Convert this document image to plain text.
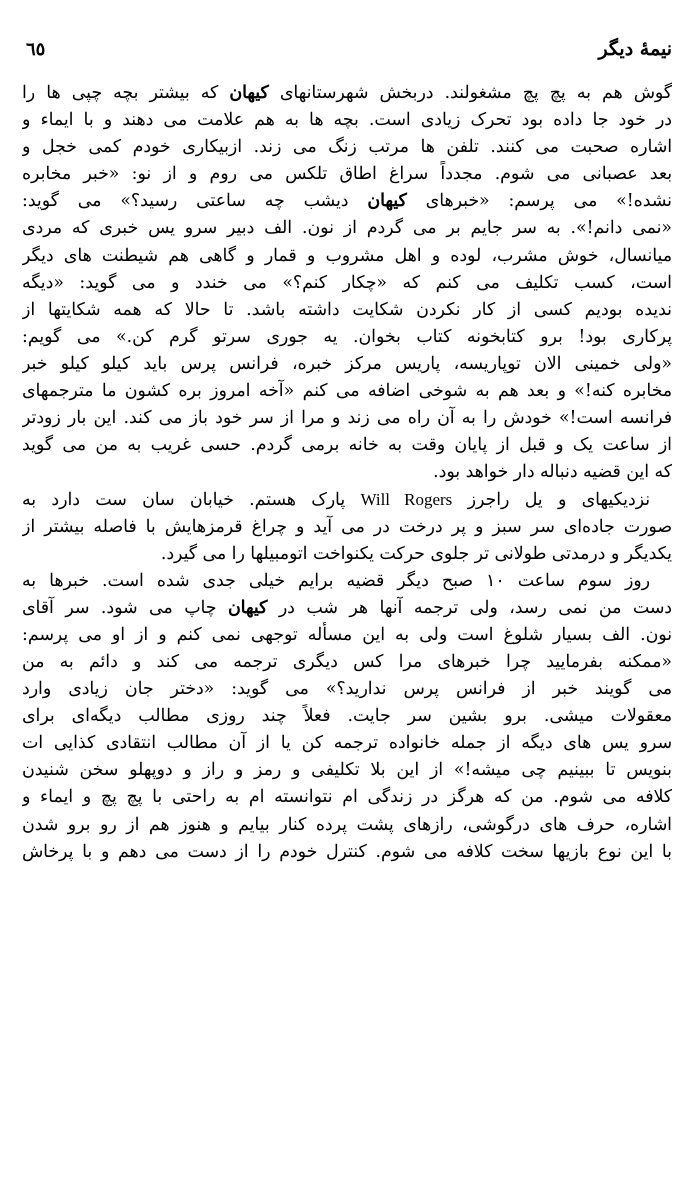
نیمهٔ دیگر
٦٥
گوش هم به پچ پچ مشغولند. دربخش شهرستانهای کیهان که بیشتر بچه چپی ها را
در خود جا داده بود تحرک زیادی است. بچه ها به هم علامت می دهند و با ایماء و
اشاره صحبت می کنند. تلفن ها مرتب زنگ می زند. ازبیکاری خودم کمی خجل و
بعد عصبانی می شوم. مجدداً سراغ اطاق تلکس می روم و از نو: «خبر مخابره
نشده!» می پرسم: «خبرهای کیهان دیشب چه ساعتی رسید؟» می گوید:
«نمی دانم!». به سر جایم بر می گردم از نون. الف دبیر سرو یس خبری که مردی
میانسال، خوش مشرب، لوده و اهل مشروب و قمار و گاهی هم شیطنت های دیگر
است، کسب تکلیف می کنم که «چکار کنم؟» می خندد و می گوید: «دیگه
ندیده بودیم کسی از کار نکردن شکایت داشته باشد. تا حالا که همه شکایتها از
پرکاری بود! برو کتابخونه کتاب بخوان. یه جوری سرتو گرم کن.» می گویم:
«ولی خمینی الان توپاریسه، پاریس مرکز خبره، فرانس پرس باید کیلو کیلو خبر
مخابره کنه!» و بعد هم به شوخی اضافه می کنم «آخه امروز بره کشون ما مترجمهای
فرانسه است!» خودش را به آن راه می زند و مرا از سر خود باز می کند. این بار زودتر
از ساعت یک و قبل از پایان وقت به خانه برمی گردم. حسی غریب به من می گوید
که این قضیه دنباله دار خواهد بود.
نزدیکیهای و یل راجرز Will Rogers پارک هستم. خیابان سان ست دارد به
صورت جاده‌ای سر سبز و پر درخت در می آید و چراغ قرمزهایش با فاصله بیشتر از
یکدیگر و درمدتی طولانی تر جلوی حرکت یکنواخت اتومبیلها را می گیرد.
روز سوم ساعت ۱۰ صبح دیگر قضیه برایم خیلی جدی شده است. خبرها به
دست من نمی رسد، ولی ترجمه آنها هر شب در کیهان چاپ می شود. سر آقای
نون. الف بسیار شلوغ است ولی به این مسأله توجهی نمی کنم و از او می پرسم:
«ممکنه بفرمایید چرا خبرهای مرا کس دیگری ترجمه می کند و دائم به من
می گویند خبر از فرانس پرس ندارید؟» می گوید: «دختر جان زیادی وارد
معقولات میشی. برو بشین سر جایت. فعلاً چند روزی مطالب دیگه‌ای برای
سرو یس های دیگه از جمله خانواده ترجمه کن یا از آن مطالب انتقادی کذایی ات
بنویس تا ببینیم چی میشه!» از این بلا تکلیفی و رمز و راز و دوپهلو سخن شنیدن
کلافه می شوم. من که هرگز در زندگی ام نتوانسته ام به راحتی با پچ پچ و ایماء و
اشاره، حرف های درگوشی، رازهای پشت پرده کنار بیایم و هنوز هم از رو برو شدن
با این نوع بازیها سخت کلافه می شوم. کنترل خودم را از دست می دهم و با پرخاش
